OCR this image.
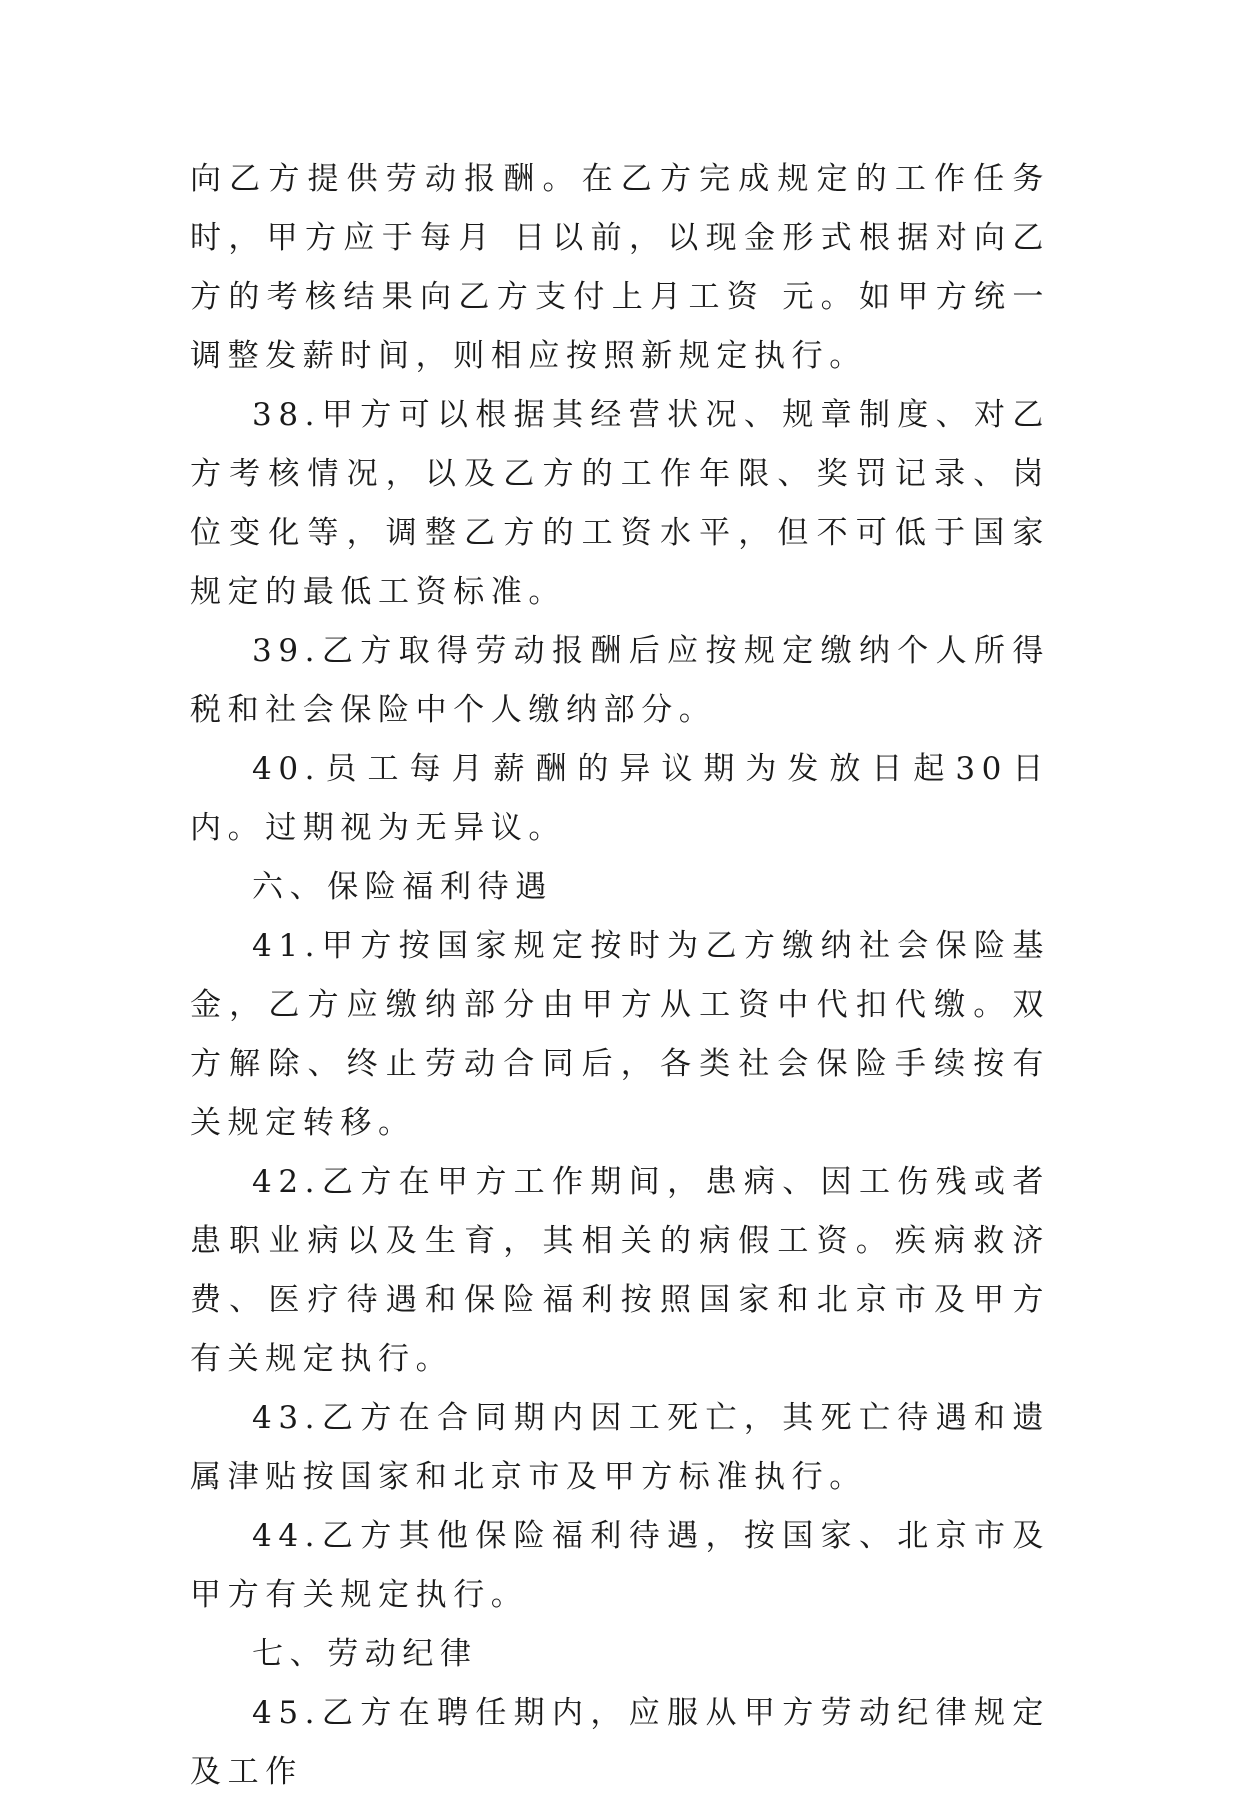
向乙方提供劳动报酬。在乙方完成规定的工作任务时，甲方应于每月 日以前，以现金形式根据对向乙方的考核结果向乙方支付上月工资 元。如甲方统一调整发薪时间，则相应按照新规定执行。

38.甲方可以根据其经营状况、规章制度、对乙方考核情况，以及乙方的工作年限、奖罚记录、岗位变化等，调整乙方的工资水平，但不可低于国家规定的最低工资标准。

39.乙方取得劳动报酬后应按规定缴纳个人所得税和社会保险中个人缴纳部分。

40.员工每月薪酬的异议期为发放日起30日内。过期视为无异议。

六、保险福利待遇

41.甲方按国家规定按时为乙方缴纳社会保险基金，乙方应缴纳部分由甲方从工资中代扣代缴。双方解除、终止劳动合同后，各类社会保险手续按有关规定转移。

42.乙方在甲方工作期间，患病、因工伤残或者患职业病以及生育，其相关的病假工资。疾病救济费、医疗待遇和保险福利按照国家和北京市及甲方有关规定执行。

43.乙方在合同期内因工死亡，其死亡待遇和遗属津贴按国家和北京市及甲方标准执行。

44.乙方其他保险福利待遇，按国家、北京市及甲方有关规定执行。

七、劳动纪律

45.乙方在聘任期内，应服从甲方劳动纪律规定及工作
